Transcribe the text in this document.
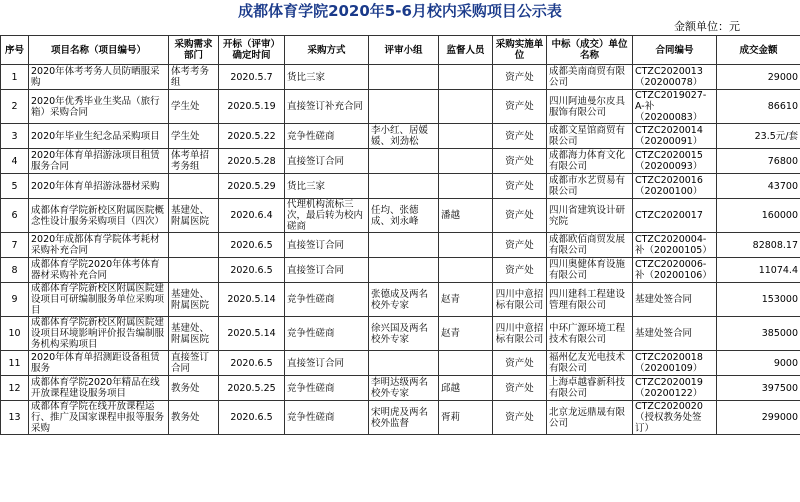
成都体育学院2020年5-6月校内采购项目公示表
金额单位：元
序号	项目名称（项目编号）	采购需求部门	开标（评审）确定时间	采购方式	评审小组	监督人员	采购实施单位	中标（成交）单位名称	合同编号	成交金额
1	2020年体考考务人员防晒服采购	体考考务组	2020.5.7	货比三家			资产处	成都美南商贸有限公司	CTZC2020013（20200078）	29000
2	2020年优秀毕业生奖品（旅行箱）采购合同	学生处	2020.5.19	直接签订补充合同			资产处	四川阿迪曼尔皮具服饰有限公司	CTZC2019027-A-补（20200083）	86610
3	2020年毕业生纪念品采购项目	学生处	2020.5.22	竞争性磋商	李小红、居媛媛、刘劲松		资产处	成都文星馆商贸有限公司	CTZC2020014（20200091）	23.5元/套
4	2020年体育单招游泳项目租赁服务合同	体考单招考务组	2020.5.28	直接签订合同			资产处	成都海力体育文化有限公司	CTZC2020015（20200093）	76800
5	2020年体育单招游泳器材采购		2020.5.29	货比三家			资产处	成都市水艺贸易有限公司	CTZC2020016（20200100）	43700
6	成都体育学院新校区附属医院概念性设计服务采购项目（四次）	基建处、附属医院	2020.6.4	代理机构流标三次，最后转为校内磋商	任均、张德成、刘永峰	潘越	资产处	四川省建筑设计研究院	CTZC2020017	160000
7	2020年成都体育学院体考耗材采购补充合同		2020.6.5	直接签订合同			资产处	成都欧佰商贸发展有限公司	CTZC2020004-补（20200105）	82808.17
8	成都体育学院2020年体考体育器材采购补充合同		2020.6.5	直接签订合同			资产处	四川奥健体育设施有限公司	CTZC2020006-补（20200106）	11074.4
9	成都体育学院新校区附属医院建设项目可研编制服务单位采购项目	基建处、附属医院	2020.5.14	竞争性磋商	张德成及两名校外专家	赵青	四川中意招标有限公司	四川建科工程建设管理有限公司	基建处签合同	153000
10	成都体育学院新校区附属医院建设项目环境影响评价报告编制服务机构采购项目	基建处、附属医院	2020.5.14	竞争性磋商	徐兴国及两名校外专家	赵青	四川中意招标有限公司	中环广源环境工程技术有限公司	基建处签合同	385000
11	2020年体育单招测距设备租赁服务	直接签订合同	2020.6.5	直接签订合同			资产处	福州亿友光电技术有限公司	CTZC2020018（20200109）	9000
12	成都体育学院2020年精品在线开放课程建设服务项目	教务处	2020.5.25	竞争性磋商	李明达级两名校外专家	邱越	资产处	上海卓越睿新科技有限公司	CTZC2020019（20200122）	397500
13	成都体育学院在线开放课程运行、推广及国家课程申报等服务采购	教务处	2020.6.5	竞争性磋商	宋明虎及两名校外监督	胥莉	资产处	北京龙远鼎晟有限公司	CTZC2020020（授权教务处签订）	299000
